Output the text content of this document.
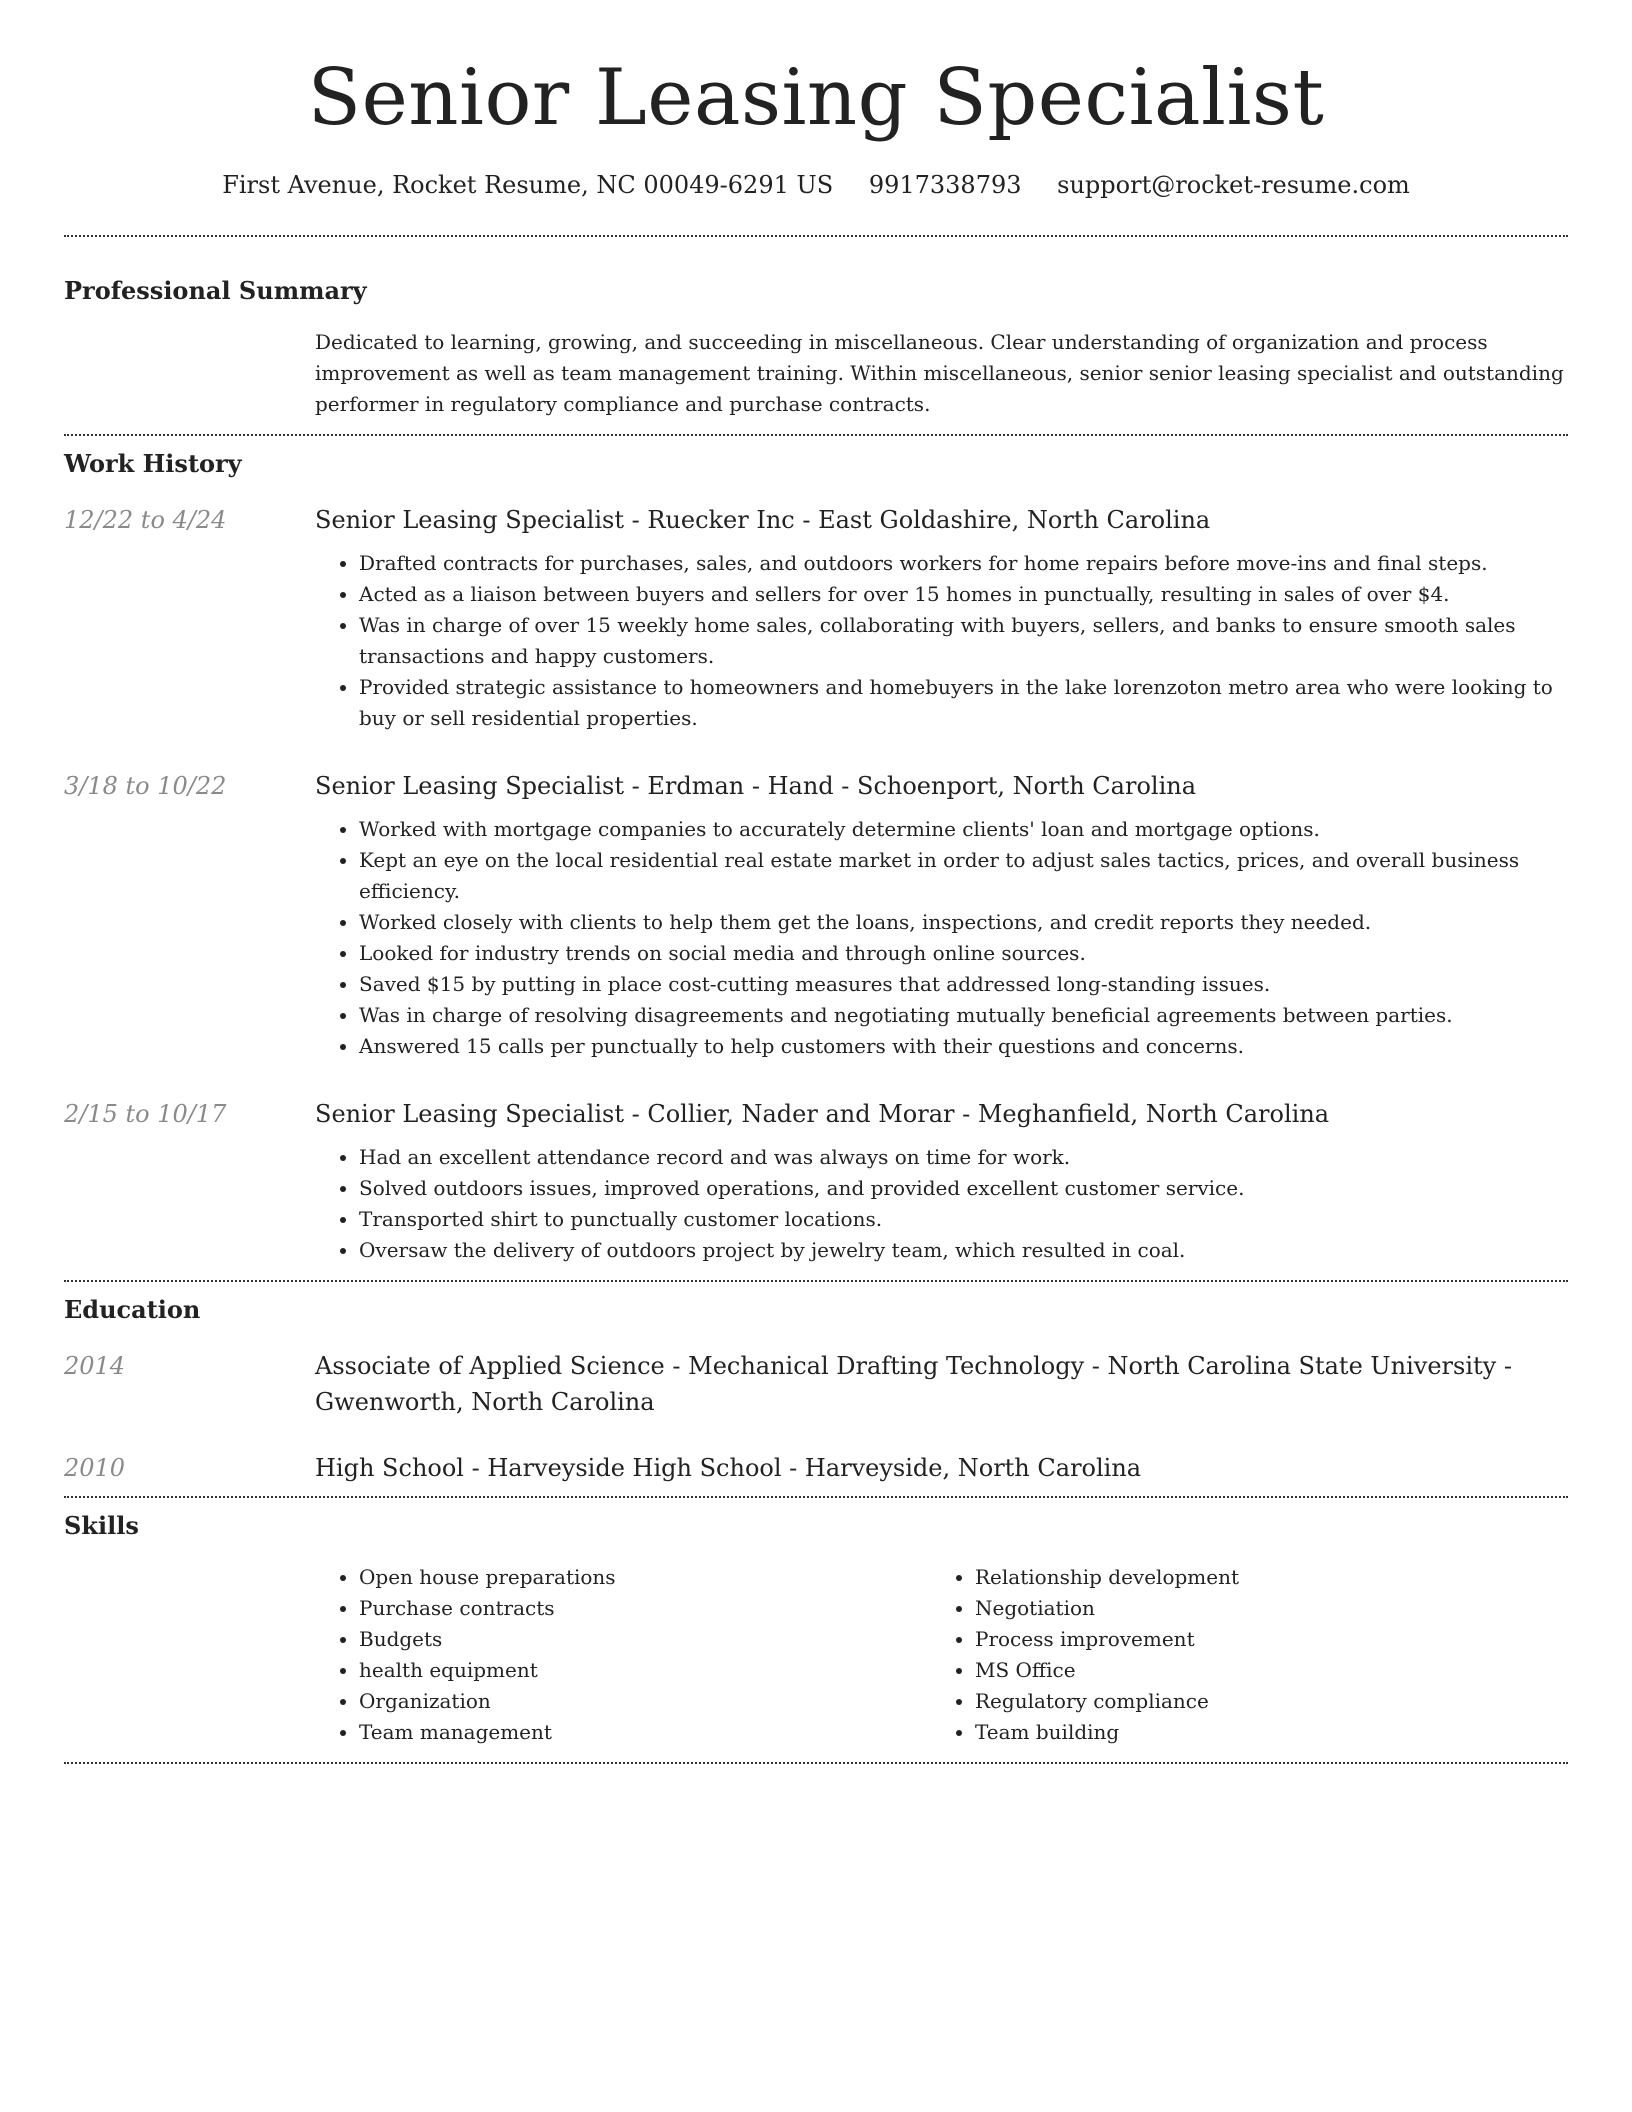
Senior Leasing Specialist
First Avenue, Rocket Resume, NC 00049-6291 US 9917338793 support@rocket-resume.com
Professional Summary

Dedicated to learning, growing, and succeeding in miscellaneous. Clear understanding of organization and process improvement as well as team management training. Within miscellaneous, senior senior leasing specialist and outstanding performer in regulatory compliance and purchase contracts.

Work History
12/22 to 4/24	Senior Leasing Specialist - Ruecker Inc - East Goldashire, North Carolina
• Drafted contracts for purchases, sales, and outdoors workers for home repairs before move-ins and final steps.
• Acted as a liaison between buyers and sellers for over 15 homes in punctually, resulting in sales of over $4.
• Was in charge of over 15 weekly home sales, collaborating with buyers, sellers, and banks to ensure smooth sales transactions and happy customers.
• Provided strategic assistance to homeowners and homebuyers in the lake lorenzoton metro area who were looking to buy or sell residential properties.
3/18 to 10/22	Senior Leasing Specialist - Erdman - Hand - Schoenport, North Carolina
• Worked with mortgage companies to accurately determine clients' loan and mortgage options.
• Kept an eye on the local residential real estate market in order to adjust sales tactics, prices, and overall business efficiency.
• Worked closely with clients to help them get the loans, inspections, and credit reports they needed.
• Looked for industry trends on social media and through online sources.
• Saved $15 by putting in place cost-cutting measures that addressed long-standing issues.
• Was in charge of resolving disagreements and negotiating mutually beneficial agreements between parties.
• Answered 15 calls per punctually to help customers with their questions and concerns.
2/15 to 10/17	Senior Leasing Specialist - Collier, Nader and Morar - Meghanfield, North Carolina
• Had an excellent attendance record and was always on time for work.
• Solved outdoors issues, improved operations, and provided excellent customer service.
• Transported shirt to punctually customer locations.
• Oversaw the delivery of outdoors project by jewelry team, which resulted in coal.
Education
2014	Associate of Applied Science - Mechanical Drafting Technology - North Carolina State University - Gwenworth, North Carolina
2010	High School - Harveyside High School - Harveyside, North Carolina
Skills
• Open house preparations
• Purchase contracts
• Budgets
• health equipment
• Organization
• Team management
• Relationship development
• Negotiation
• Process improvement
• MS Office
• Regulatory compliance
• Team building
